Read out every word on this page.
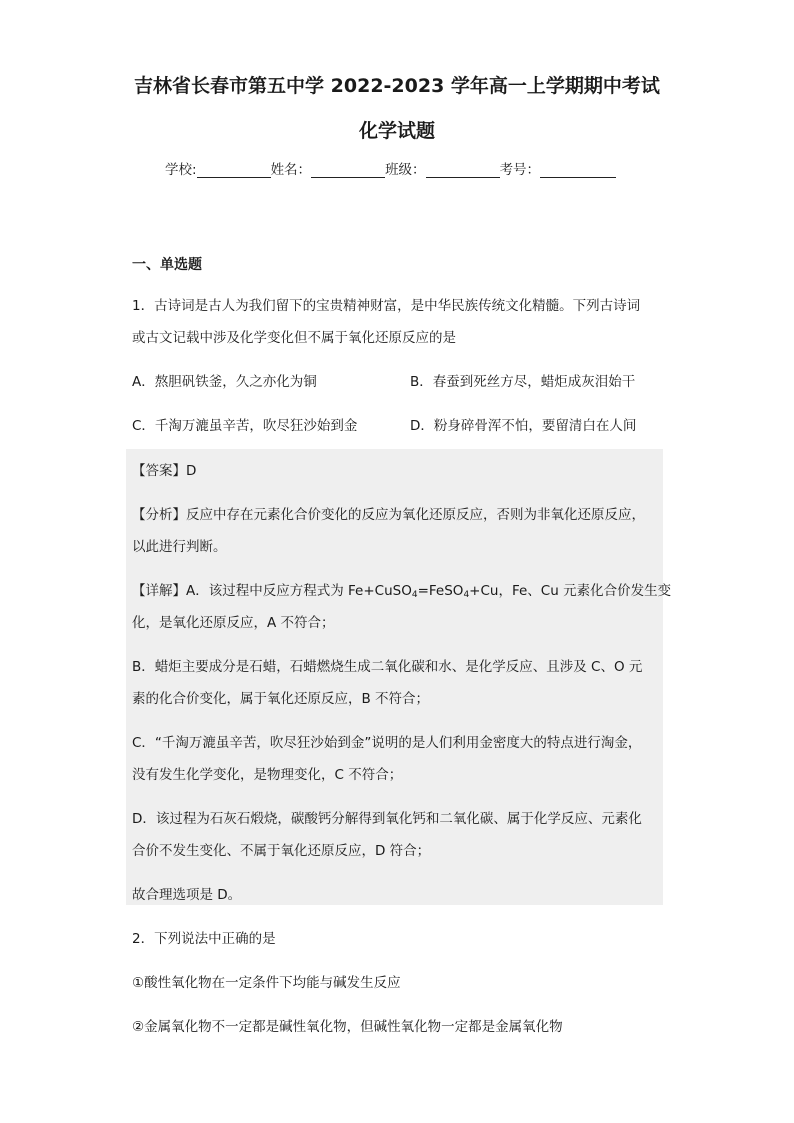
吉林省长春市第五中学 2022-2023 学年高一上学期期中考试
化学试题
学校:	姓名：	班级：	考号：
一、单选题
1．古诗词是古人为我们留下的宝贵精神财富，是中华民族传统文化精髓。下列古诗词
或古文记载中涉及化学变化但不属于氧化还原反应的是
A．熬胆矾铁釜，久之亦化为铜	B．春蚕到死丝方尽，蜡炬成灰泪始干
C．千淘万漉虽辛苦，吹尽狂沙始到金	D．粉身碎骨浑不怕，要留清白在人间
【答案】D
【分析】反应中存在元素化合价变化的反应为氧化还原反应，否则为非氧化还原反应，
以此进行判断。
【详解】A．该过程中反应方程式为 Fe+CuSO$_4$=FeSO$_4$+Cu，Fe、Cu 元素化合价发生变
化，是氧化还原反应，A 不符合；
B．蜡炬主要成分是石蜡，石蜡燃烧生成二氧化碳和水、是化学反应、且涉及 C、O 元
素的化合价变化，属于氧化还原反应，B 不符合；
C．“千淘万漉虽辛苦，吹尽狂沙始到金”说明的是人们利用金密度大的特点进行淘金，
没有发生化学变化，是物理变化，C 不符合；
D．该过程为石灰石煅烧，碳酸钙分解得到氧化钙和二氧化碳、属于化学反应、元素化
合价不发生变化、不属于氧化还原反应，D 符合；
故合理选项是 D。
2．下列说法中正确的是
①酸性氧化物在一定条件下均能与碱发生反应
②金属氧化物不一定都是碱性氧化物，但碱性氧化物一定都是金属氧化物
